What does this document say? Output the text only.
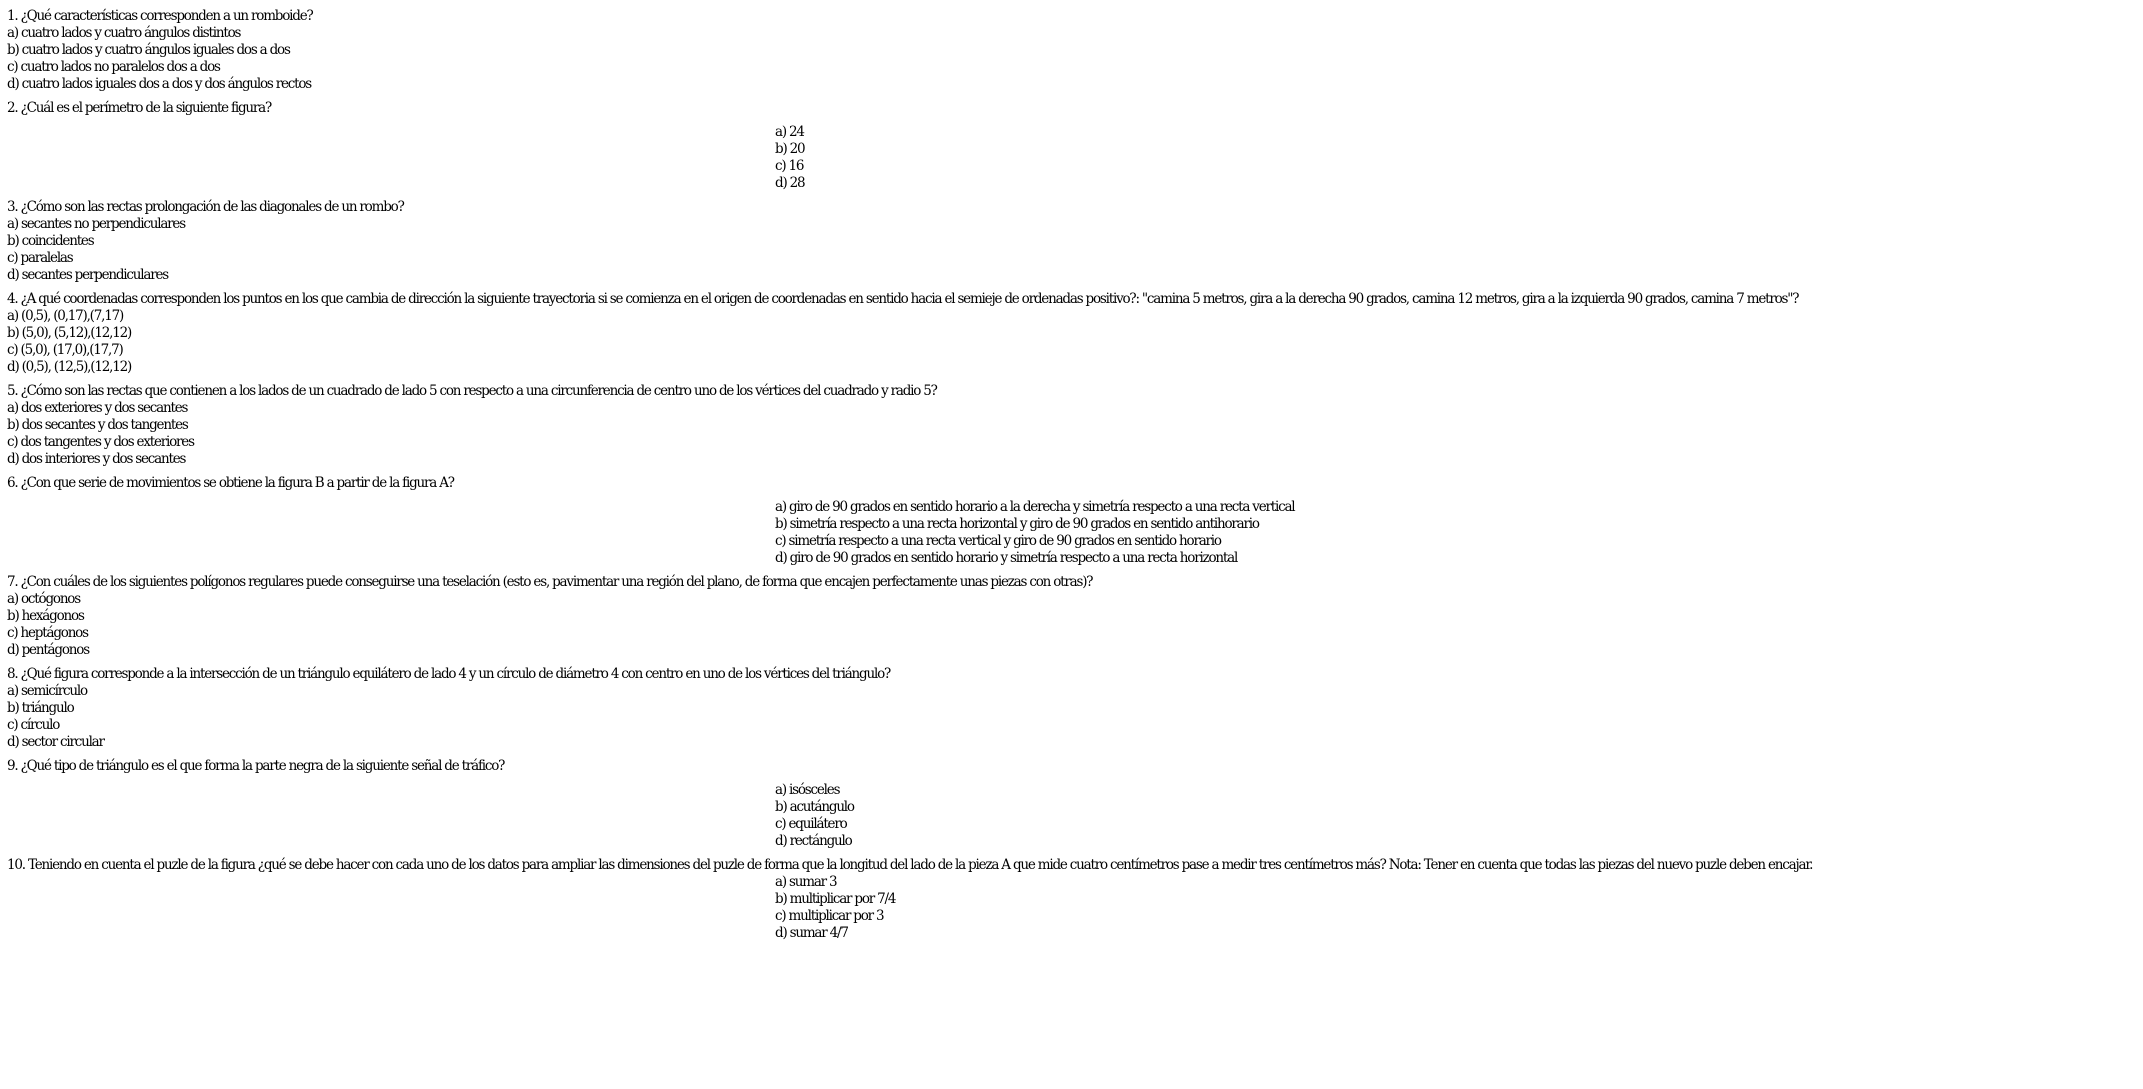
1. ¿Qué características corresponden a un romboide?
a) cuatro lados y cuatro ángulos distintos
b) cuatro lados y cuatro ángulos iguales dos a dos
c) cuatro lados no paralelos dos a dos
d) cuatro lados iguales dos a dos y dos ángulos rectos
2. ¿Cuál es el perímetro de la siguiente figura?
a) 24
b) 20
c) 16
d) 28
3. ¿Cómo son las rectas prolongación de las diagonales de un rombo?
a) secantes no perpendiculares
b) coincidentes
c) paralelas
d) secantes perpendiculares
4. ¿A qué coordenadas corresponden los puntos en los que cambia de dirección la siguiente trayectoria si se comienza en el origen de coordenadas en sentido hacia el semieje de ordenadas positivo?: "camina 5 metros, gira a la derecha 90 grados, camina 12 metros, gira a la izquierda 90 grados, camina 7 metros"?
a) (0,5), (0,17),(7,17)
b) (5,0), (5,12),(12,12)
c) (5,0), (17,0),(17,7)
d) (0,5), (12,5),(12,12)
5. ¿Cómo son las rectas que contienen a los lados de un cuadrado de lado 5 con respecto a una circunferencia de centro uno de los vértices del cuadrado y radio 5?
a) dos exteriores y dos secantes
b) dos secantes y dos tangentes
c) dos tangentes y dos exteriores
d) dos interiores y dos secantes
6. ¿Con que serie de movimientos se obtiene la figura B a partir de la figura A?
a) giro de 90 grados en sentido horario a la derecha y simetría respecto a una recta vertical
b) simetría respecto a una recta horizontal y giro de 90 grados en sentido antihorario
c) simetría respecto a una recta vertical y giro de 90 grados en sentido horario
d) giro de 90 grados en sentido horario y simetría respecto a una recta horizontal
7. ¿Con cuáles de los siguientes polígonos regulares puede conseguirse una teselación (esto es, pavimentar una región del plano, de forma que encajen perfectamente unas piezas con otras)?
a) octógonos
b) hexágonos
c) heptágonos
d) pentágonos
8. ¿Qué figura corresponde a la intersección de un triángulo equilátero de lado 4 y un círculo de diámetro 4 con centro en uno de los vértices del triángulo?
a) semicírculo
b) triángulo
c) círculo
d) sector circular
9. ¿Qué tipo de triángulo es el que forma la parte negra de la siguiente señal de tráfico?
a) isósceles
b) acutángulo
c) equilátero
d) rectángulo
10. Teniendo en cuenta el puzle de la figura ¿qué se debe hacer con cada uno de los datos para ampliar las dimensiones del puzle de forma que la longitud del lado de la pieza A que mide cuatro centímetros pase a medir tres centímetros más? Nota: Tener en cuenta que todas las piezas del nuevo puzle deben encajar.
a) sumar 3
b) multiplicar por 7/4
c) multiplicar por 3
d) sumar 4/7
